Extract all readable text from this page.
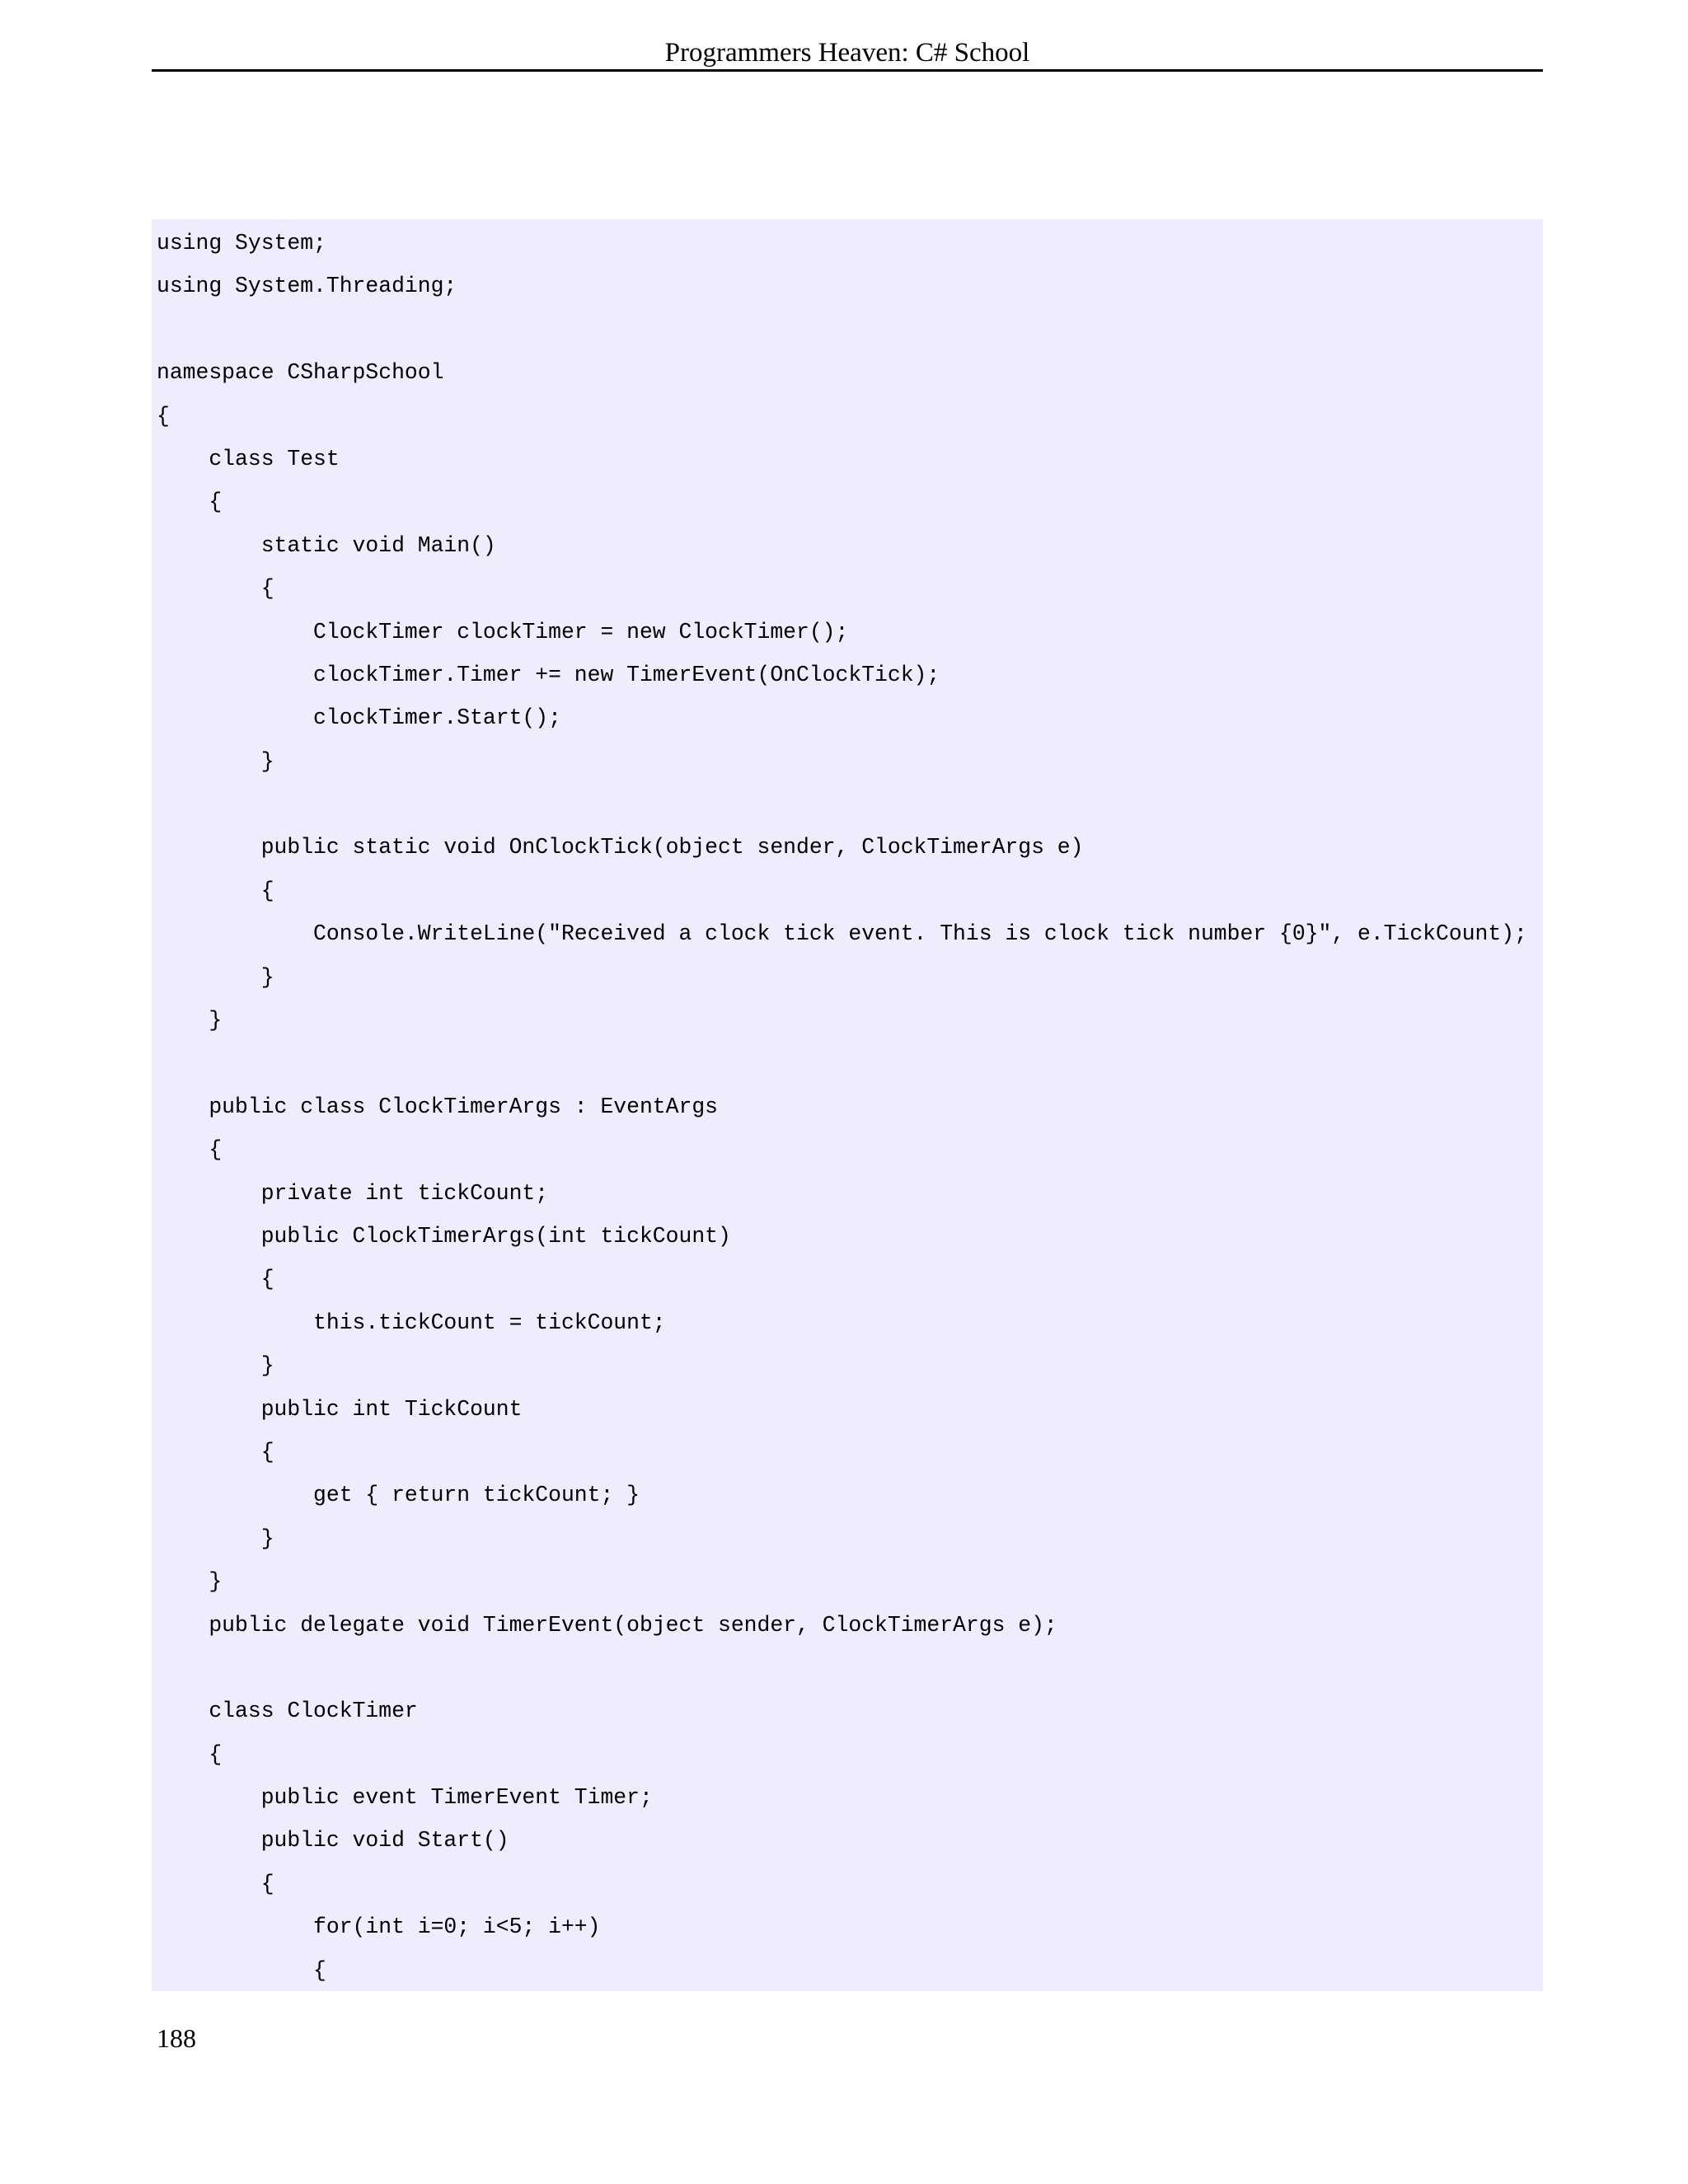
Programmers Heaven: C# School
using System;
using System.Threading;
namespace CSharpSchool
{
class Test
{
static void Main()
{
ClockTimer clockTimer = new ClockTimer();
clockTimer.Timer += new TimerEvent(OnClockTick);
clockTimer.Start();
}
public static void OnClockTick(object sender, ClockTimerArgs e)
{
Console.WriteLine("Received a clock tick event. This is clock tick number {0}", e.TickCount);
}
}
public class ClockTimerArgs : EventArgs
{
private int tickCount;
public ClockTimerArgs(int tickCount)
{
this.tickCount = tickCount;
}
public int TickCount
{
get { return tickCount; }
}
}
public delegate void TimerEvent(object sender, ClockTimerArgs e);
class ClockTimer
{
public event TimerEvent Timer;
public void Start()
{
for(int i=0; i<5; i++)
{
188
